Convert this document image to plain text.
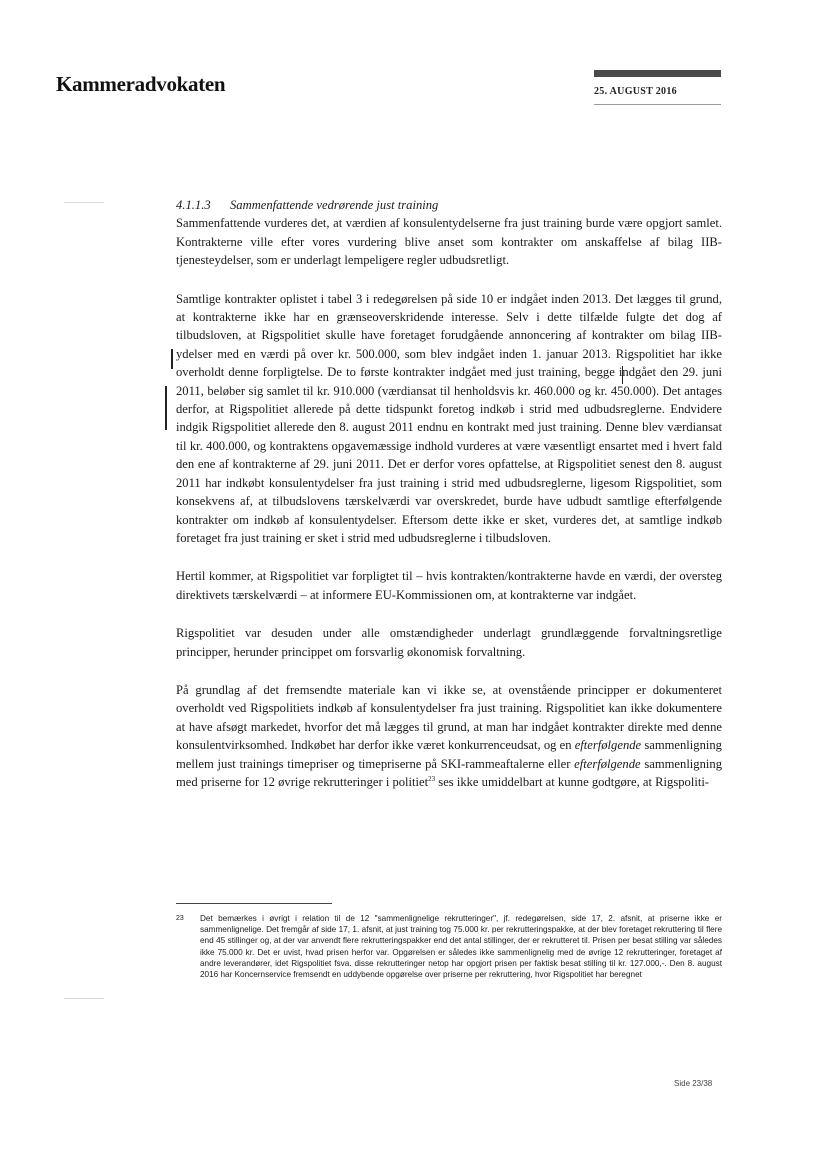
Kammeradvokaten	25. AUGUST 2016

4.1.1.3 Sammenfattende vedrørende just training

Sammenfattende vurderes det, at værdien af konsulentydelserne fra just training burde være opgjort samlet. Kontrakterne ville efter vores vurdering blive anset som kontrakter om anskaffelse af bilag IIB-tjenesteydelser, som er underlagt lempeligere regler udbudsretligt.

Samtlige kontrakter oplistet i tabel 3 i redegørelsen på side 10 er indgået inden 2013. Det lægges til grund, at kontrakterne ikke har en grænseoverskridende interesse. Selv i dette tilfælde fulgte det dog af tilbudsloven, at Rigspolitiet skulle have foretaget forudgående annoncering af kontrakter om bilag IIB-ydelser med en værdi på over kr. 500.000, som blev indgået inden 1. januar 2013. Rigspolitiet har ikke overholdt denne forpligtelse. De to første kontrakter indgået med just training, begge indgået den 29. juni 2011, beløber sig samlet til kr. 910.000 (værdiansat til henholdsvis kr. 460.000 og kr. 450.000). Det antages derfor, at Rigspolitiet allerede på dette tidspunkt foretog indkøb i strid med udbudsreglerne. Endvidere indgik Rigspolitiet allerede den 8. august 2011 endnu en kontrakt med just training. Denne blev værdiansat til kr. 400.000, og kontraktens opgavemæssige indhold vurderes at være væsentligt ensartet med i hvert fald den ene af kontrakterne af 29. juni 2011. Det er derfor vores opfattelse, at Rigspolitiet senest den 8. august 2011 har indkøbt konsulentydelser fra just training i strid med udbudsreglerne, ligesom Rigspolitiet, som konsekvens af, at tilbudslovens tærskelværdi var overskredet, burde have udbudt samtlige efterfølgende kontrakter om indkøb af konsulentydelser. Eftersom dette ikke er sket, vurderes det, at samtlige indkøb foretaget fra just training er sket i strid med udbudsreglerne i tilbudsloven.

Hertil kommer, at Rigspolitiet var forpligtet til – hvis kontrakten/kontrakterne havde en værdi, der oversteg direktivets tærskelværdi – at informere EU-Kommissionen om, at kontrakterne var indgået.

Rigspolitiet var desuden under alle omstændigheder underlagt grundlæggende forvaltningsretlige principper, herunder princippet om forsvarlig økonomisk forvaltning.

På grundlag af det fremsendte materiale kan vi ikke se, at ovenstående principper er dokumenteret overholdt ved Rigspolitiets indkøb af konsulentydelser fra just training. Rigspolitiet kan ikke dokumentere at have afsøgt markedet, hvorfor det må lægges til grund, at man har indgået kontrakter direkte med denne konsulentvirksomhed. Indkøbet har derfor ikke været konkurrenceudsat, og en efterfølgende sammenligning mellem just trainings timepriser og timepriserne på SKI-rammeaftalerne eller efterfølgende sammenligning med priserne for 12 øvrige rekrutteringer i politiet$^{23}$ ses ikke umiddelbart at kunne godtgøre, at Rigspoliti-

23 Det bemærkes i øvrigt i relation til de 12 "sammenlignelige rekrutteringer", jf. redegørelsen, side 17, 2. afsnit, at priserne ikke er sammenlignelige. Det fremgår af side 17, 1. afsnit, at just training tog 75.000 kr. per rekrutteringspakke, at der blev foretaget rekruttering til flere end 45 stillinger og, at der var anvendt flere rekrutteringspakker end det antal stillinger, der er rekrutteret til. Prisen per besat stilling var således ikke 75.000 kr. Det er uvist, hvad prisen herfor var. Opgørelsen er således ikke sammenlignelig med de øvrige 12 rekrutteringer, foretaget af andre leverandører, idet Rigspolitiet fsva. disse rekrutteringer netop har opgjort prisen per faktisk besat stilling til kr. 127.000,-. Den 8. august 2016 har Koncernservice fremsendt en uddybende opgørelse over priserne per rekruttering, hvor Rigspolitiet har beregnet
Side 23/38
